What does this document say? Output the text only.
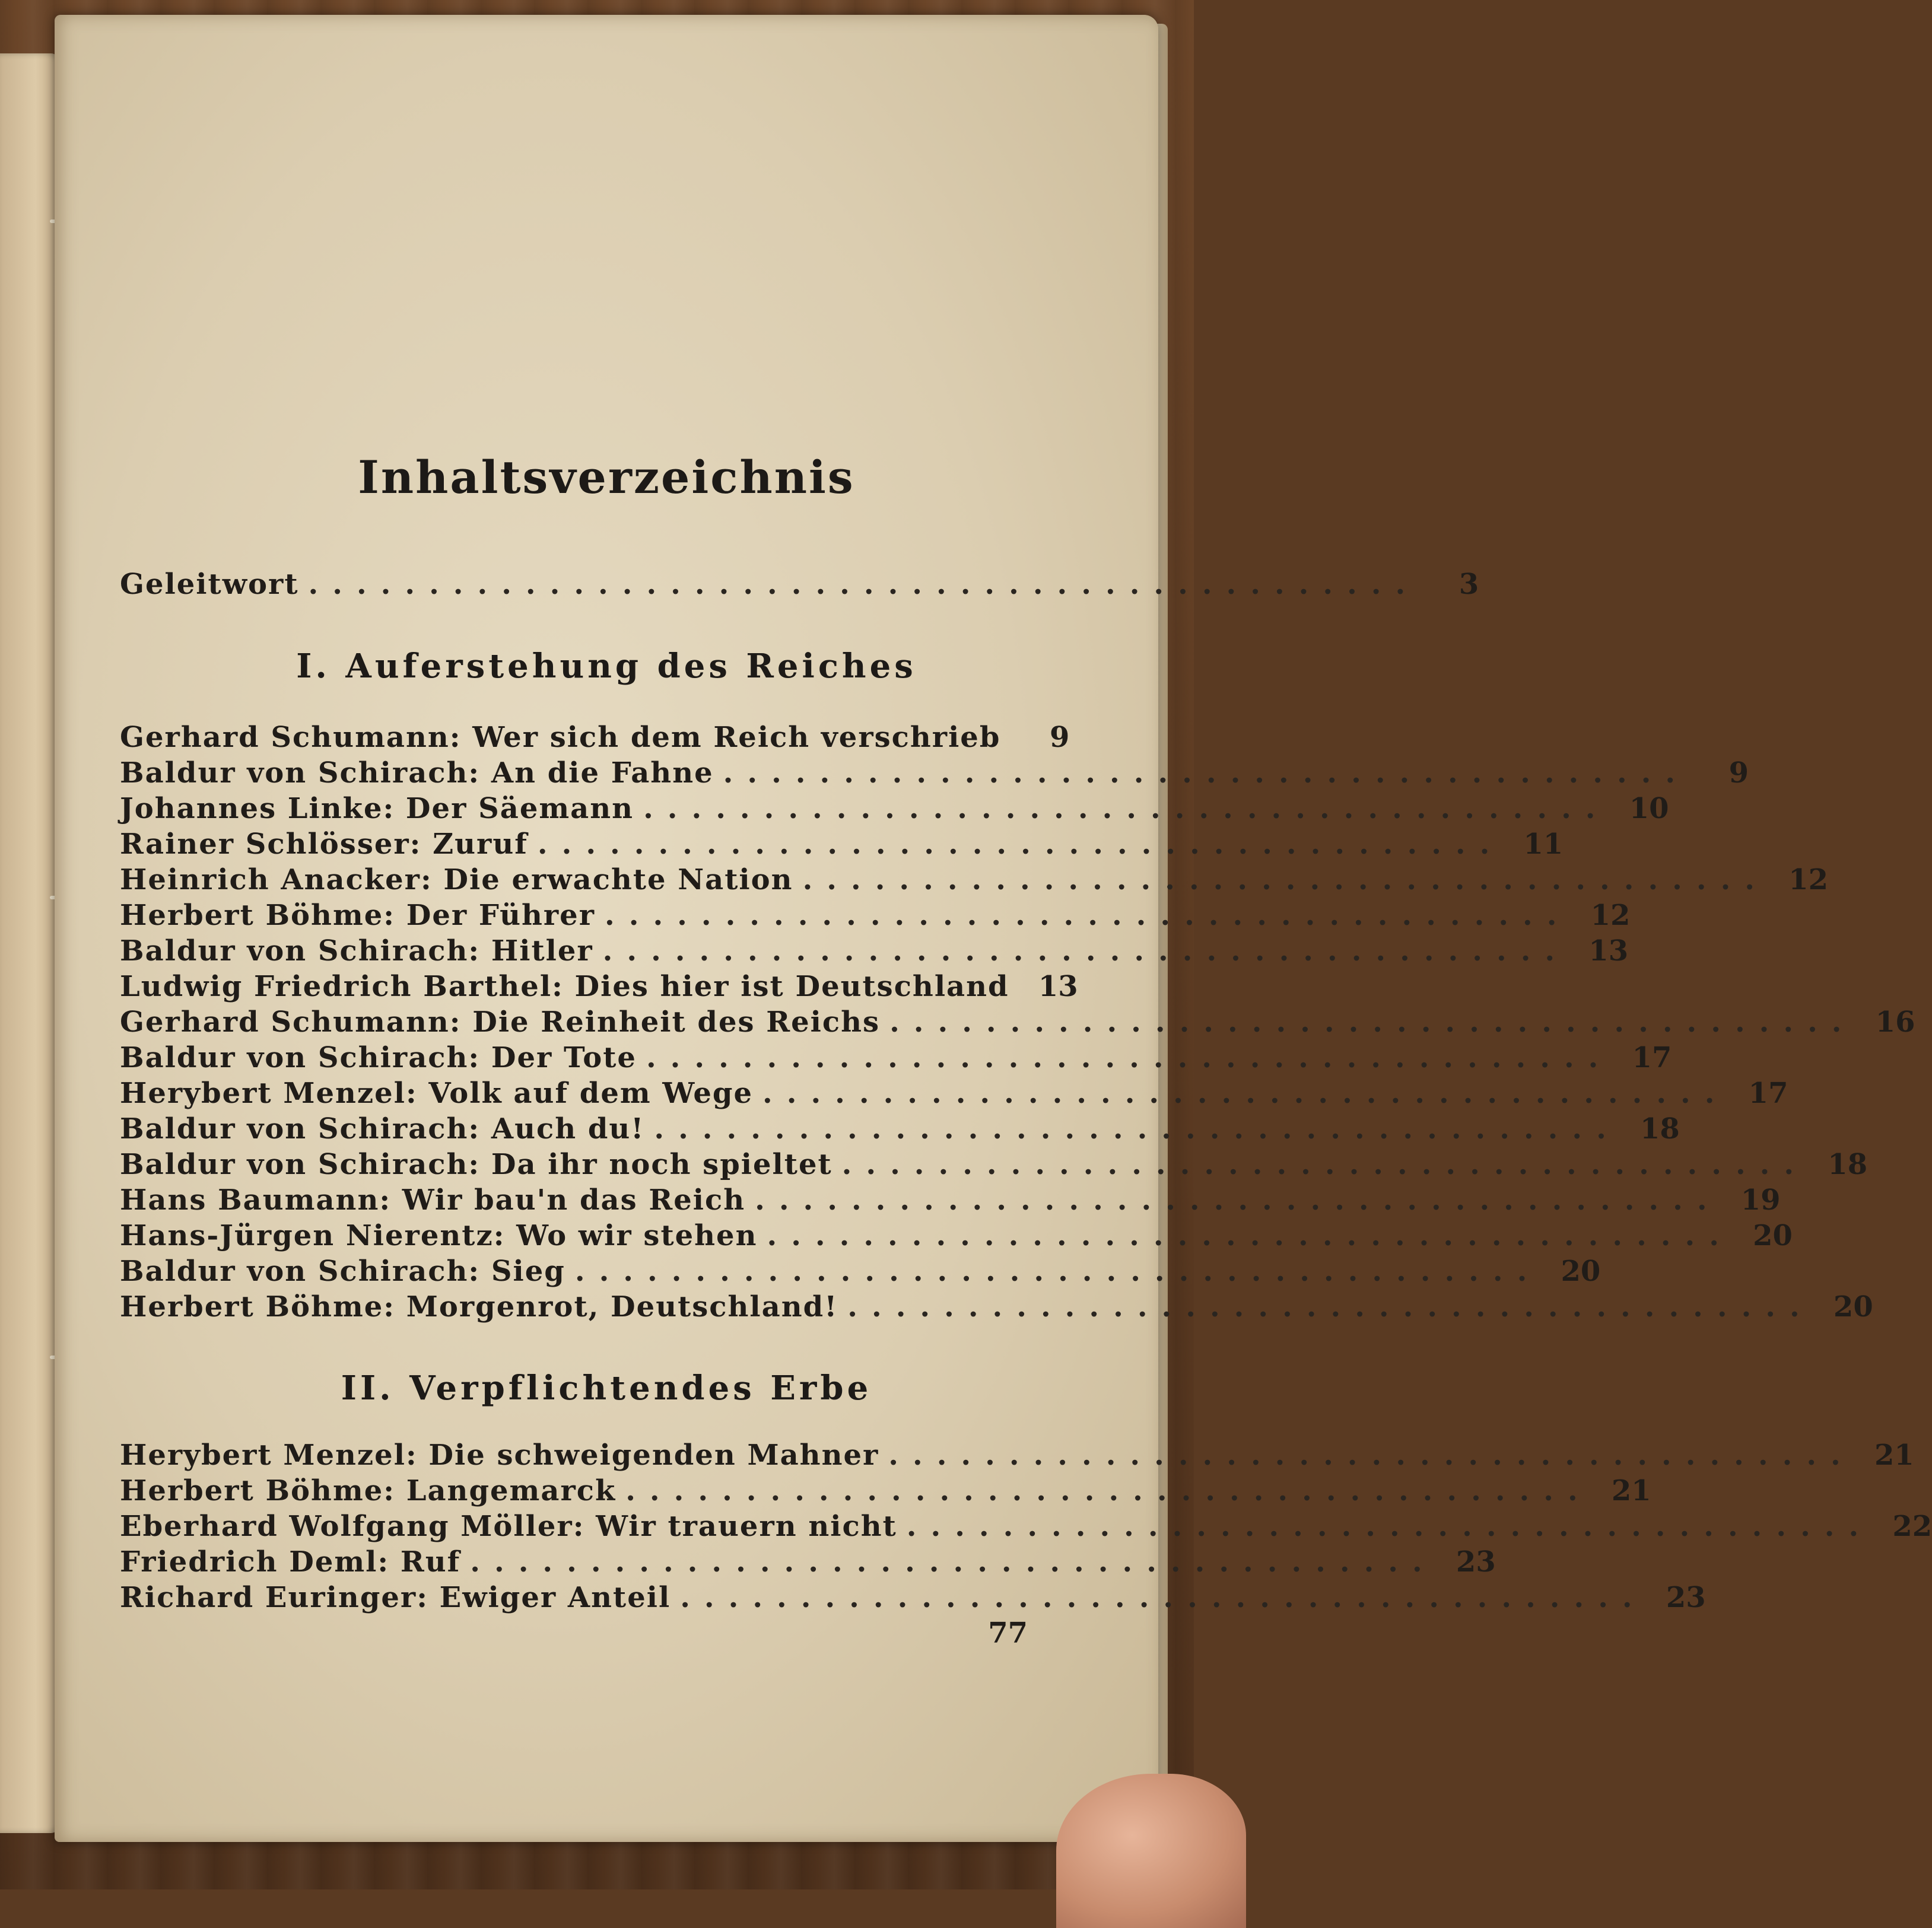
Inhaltsverzeichnis
Geleitwort ..............................................	3
I. Auferstehung des Reiches
Gerhard Schumann: Wer sich dem Reich verschrieb	9
Baldur von Schirach: An die Fahne ........................................	9
Johannes Linke: Der Säemann ........................................ 10
Rainer Schlösser: Zuruf ........................................ 11
Heinrich Anacker: Die erwachte Nation ........................................ 12
Herbert Böhme: Der Führer ........................................ 12
Baldur von Schirach: Hitler ........................................ 13
Ludwig Friedrich Barthel: Dies hier ist Deutschland	13
Gerhard Schumann: Die Reinheit des Reichs ........................................ 16
Baldur von Schirach: Der Tote ........................................ 17
Herybert Menzel: Volk auf dem Wege ........................................ 17
Baldur von Schirach: Auch du! ........................................ 18
Baldur von Schirach: Da ihr noch spieltet ........................................ 18
Hans Baumann: Wir bau'n das Reich ........................................ 19
Hans-Jürgen Nierentz: Wo wir stehen ........................................ 20
Baldur von Schirach: Sieg ........................................ 20
Herbert Böhme: Morgenrot, Deutschland! ........................................ 20
II. Verpflichtendes Erbe
Herybert Menzel: Die schweigenden Mahner ........................................ 21
Herbert Böhme: Langemarck ........................................ 21
Eberhard Wolfgang Möller: Wir trauern nicht ........................................ 22
Friedrich Deml: Ruf ........................................ 23
Richard Euringer: Ewiger Anteil ........................................ 23
77
